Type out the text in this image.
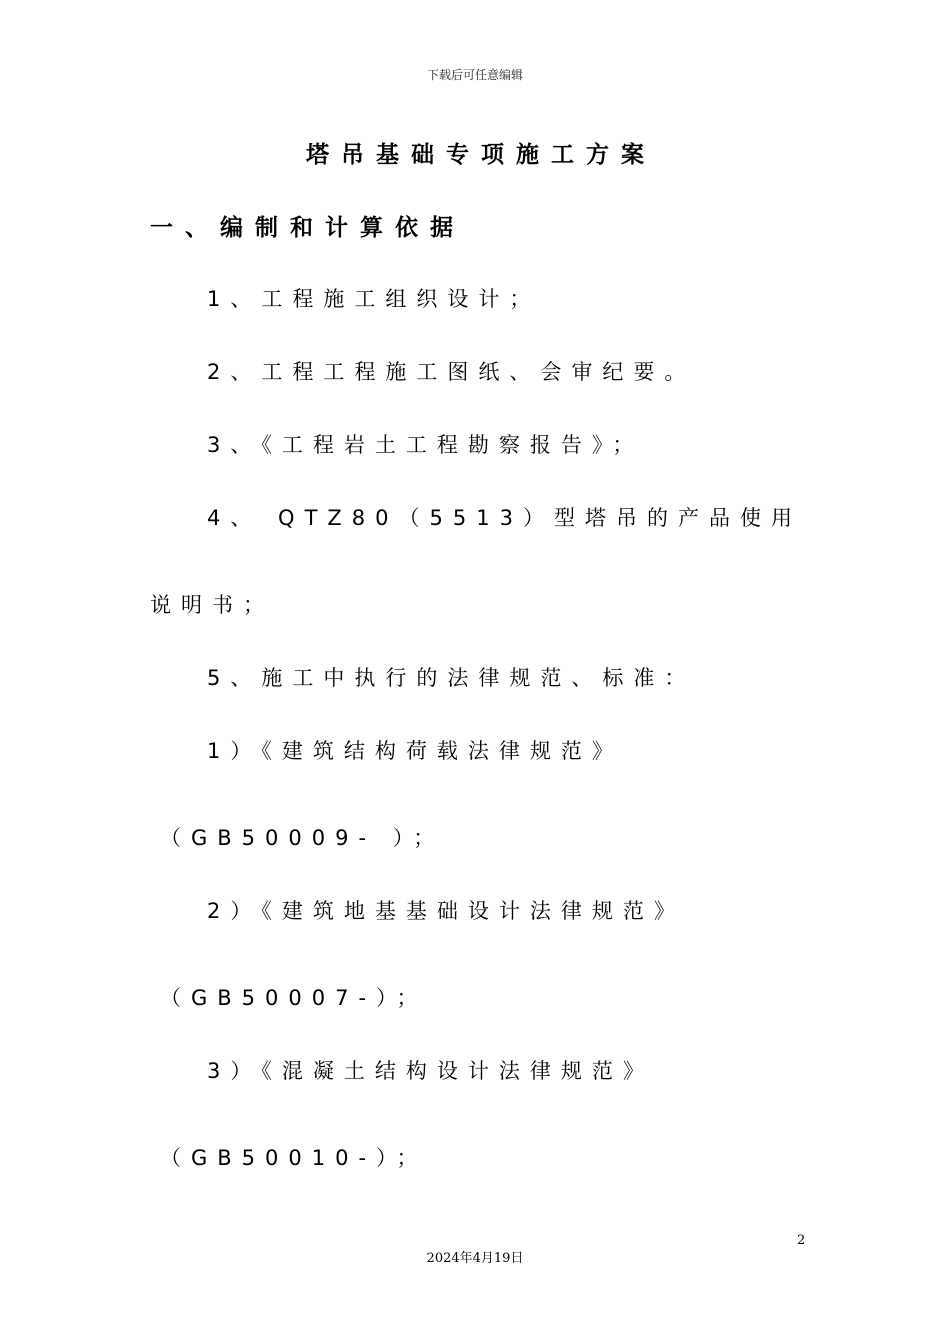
下载后可任意编辑
塔吊基础专项施工方案
一、编制和计算依据
1、工程施工组织设计；
2、工程工程施工图纸、会审纪要。
3、《工程岩土工程勘察报告》；
4、 QTZ80（5513）型塔吊的产品使用
说明书；
5、施工中执行的法律规范、标准：
1）《建筑结构荷载法律规范》
（GB50009- ）；
2）《建筑地基基础设计法律规范》
（GB50007-）；
3）《混凝土结构设计法律规范》
（GB50010-）；
2
2024年4月19日
